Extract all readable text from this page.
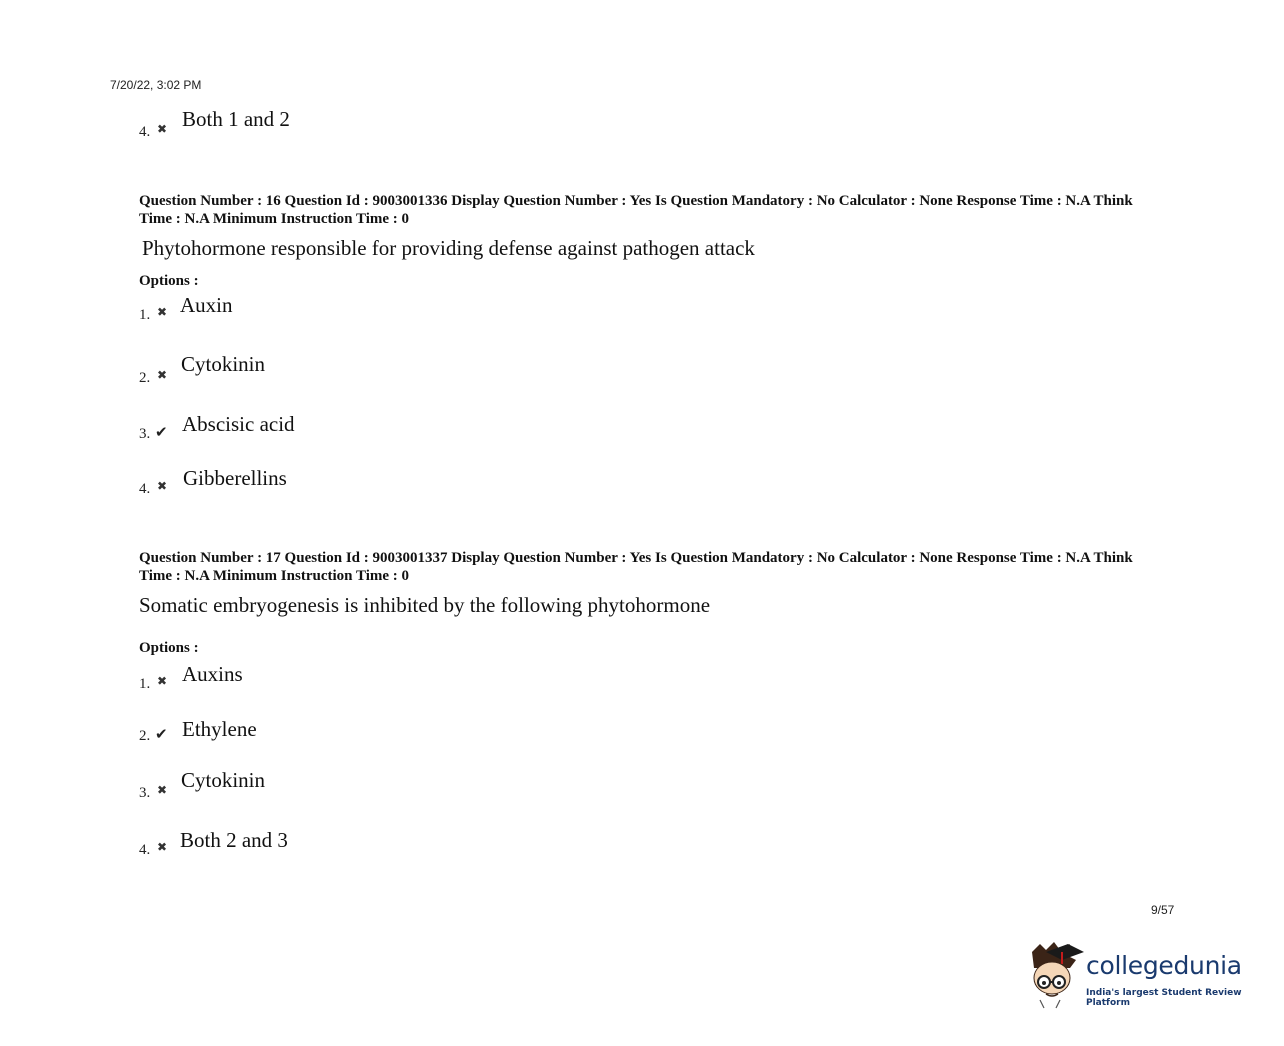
7/20/22, 3:02 PM
4. ✖ Both 1 and 2
Question Number : 16 Question Id : 9003001336 Display Question Number : Yes Is Question Mandatory : No Calculator : None Response Time : N.A Think Time : N.A Minimum Instruction Time : 0
Phytohormone responsible for providing defense against pathogen attack
Options :
1. ✖ Auxin
2. ✖ Cytokinin
3. ✔ Abscisic acid
4. ✖ Gibberellins
Question Number : 17 Question Id : 9003001337 Display Question Number : Yes Is Question Mandatory : No Calculator : None Response Time : N.A Think Time : N.A Minimum Instruction Time : 0
Somatic embryogenesis is inhibited by the following phytohormone
Options :
1. ✖ Auxins
2. ✔ Ethylene
3. ✖ Cytokinin
4. ✖ Both 2 and 3
9/57
collegedunia
India's largest Student Review Platform
